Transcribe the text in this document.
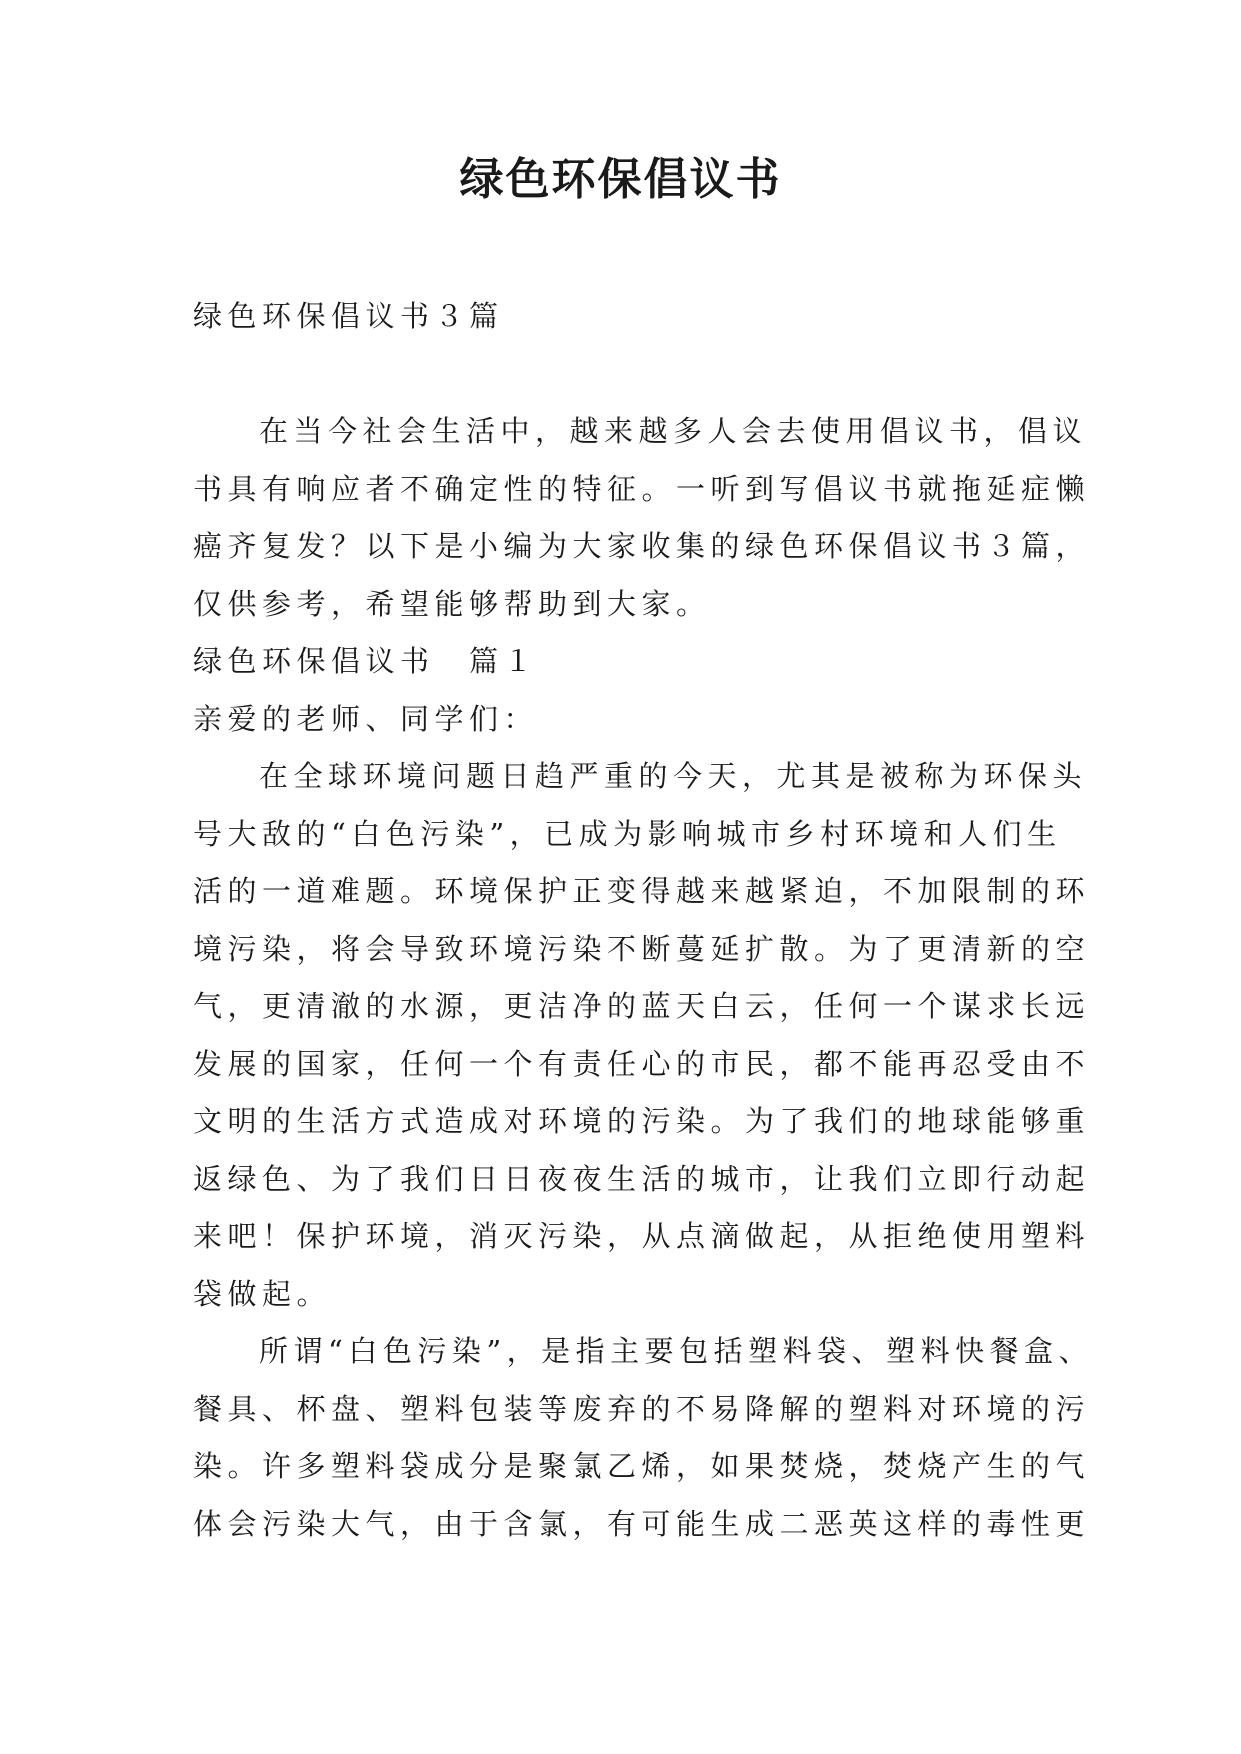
绿色环保倡议书

绿色环保倡议书３篇

在当今社会生活中，越来越多人会去使用倡议书，倡议

书具有响应者不确定性的特征。一听到写倡议书就拖延症懒

癌齐复发？以下是小编为大家收集的绿色环保倡议书３篇，

仅供参考，希望能够帮助到大家。

绿色环保倡议书　篇１

亲爱的老师、同学们：

在全球环境问题日趋严重的今天，尤其是被称为环保头

号大敌的“白色污染”，已成为影响城市乡村环境和人们生

活的一道难题。环境保护正变得越来越紧迫，不加限制的环

境污染，将会导致环境污染不断蔓延扩散。为了更清新的空

气，更清澈的水源，更洁净的蓝天白云，任何一个谋求长远

发展的国家，任何一个有责任心的市民，都不能再忍受由不

文明的生活方式造成对环境的污染。为了我们的地球能够重

返绿色、为了我们日日夜夜生活的城市，让我们立即行动起

来吧！保护环境，消灭污染，从点滴做起，从拒绝使用塑料

袋做起。

所谓“白色污染”，是指主要包括塑料袋、塑料快餐盒、

餐具、杯盘、塑料包装等废弃的不易降解的塑料对环境的污

染。许多塑料袋成分是聚氯乙烯，如果焚烧，焚烧产生的气

体会污染大气，由于含氯，有可能生成二恶英这样的毒性更
